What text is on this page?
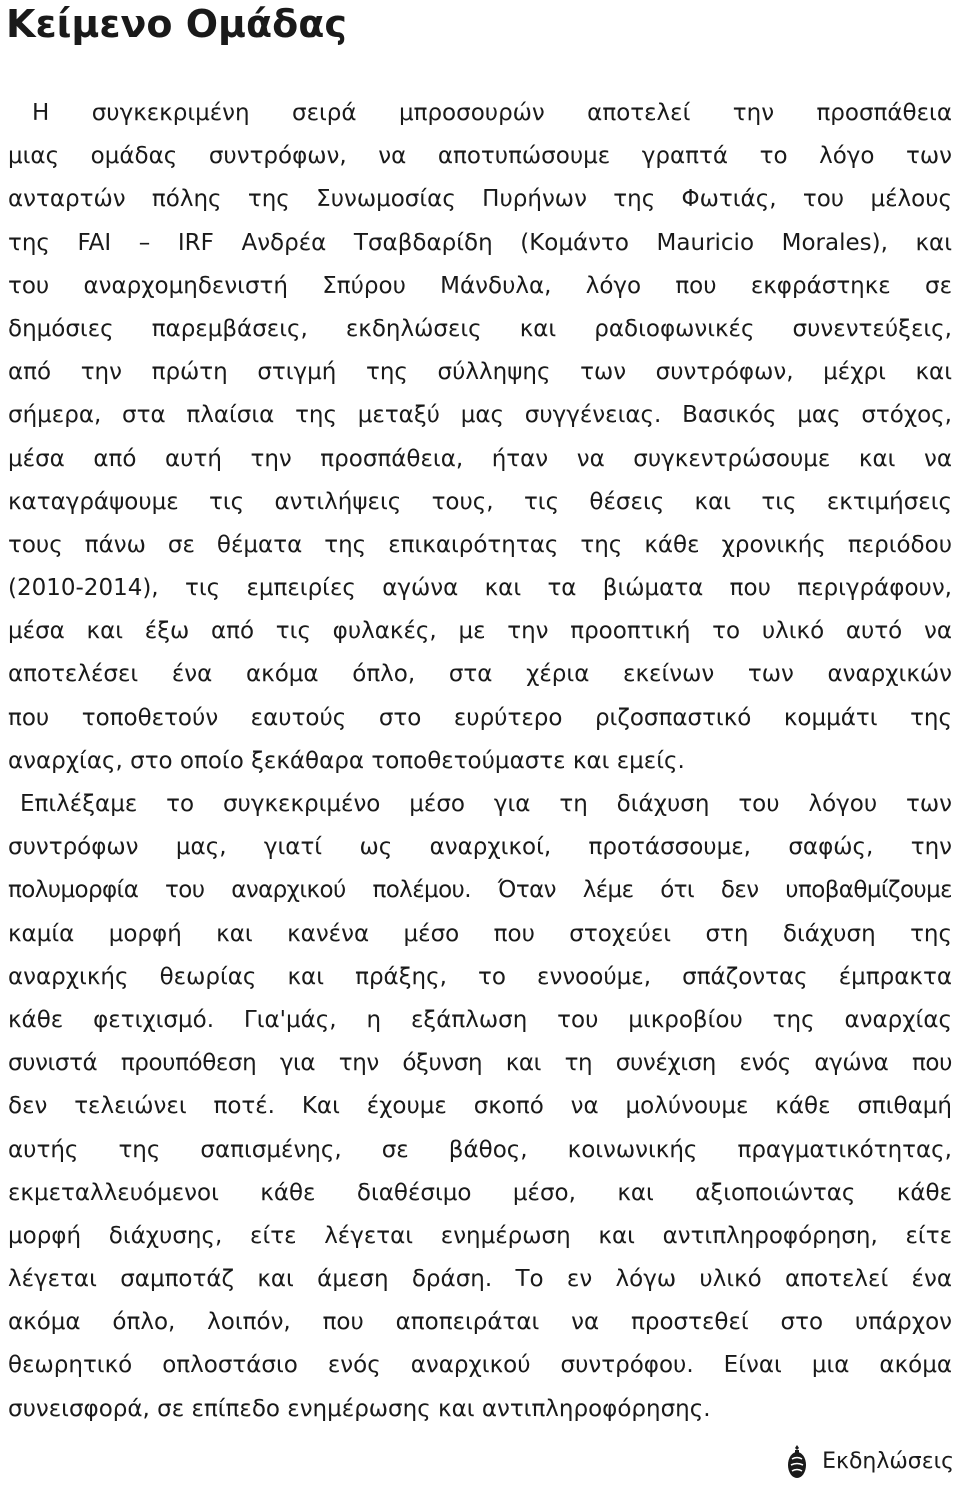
Κείμενο Ομάδας
Η συγκεκριμένη σειρά μπροσουρών αποτελεί την προσπάθεια
μιας ομάδας συντρόφων, να αποτυπώσουμε γραπτά το λόγο των
ανταρτών πόλης της Συνωμοσίας Πυρήνων της Φωτιάς, του μέλους
της FAI – IRF Ανδρέα Τσαβδαρίδη (Κομάντο Mauricio Morales), και
του αναρχομηδενιστή Σπύρου Μάνδυλα, λόγο που εκφράστηκε σε
δημόσιες παρεμβάσεις, εκδηλώσεις και ραδιοφωνικές συνεντεύξεις,
από την πρώτη στιγμή της σύλληψης των συντρόφων, μέχρι και
σήμερα, στα πλαίσια της μεταξύ μας συγγένειας. Βασικός μας στόχος,
μέσα από αυτή την προσπάθεια, ήταν να συγκεντρώσουμε και να
καταγράψουμε τις αντιλήψεις τους, τις θέσεις και τις εκτιμήσεις
τους πάνω σε θέματα της επικαιρότητας της κάθε χρονικής περιόδου
(2010-2014), τις εμπειρίες αγώνα και τα βιώματα που περιγράφουν,
μέσα και έξω από τις φυλακές, με την προοπτική το υλικό αυτό να
αποτελέσει ένα ακόμα όπλο, στα χέρια εκείνων των αναρχικών
που τοποθετούν εαυτούς στο ευρύτερο ριζοσπαστικό κομμάτι της
αναρχίας, στο οποίο ξεκάθαρα τοποθετούμαστε και εμείς.
Επιλέξαμε το συγκεκριμένο μέσο για τη διάχυση του λόγου των
συντρόφων μας, γιατί ως αναρχικοί, προτάσσουμε, σαφώς, την
πολυμορφία του αναρχικού πολέμου. Όταν λέμε ότι δεν υποβαθμίζουμε
καμία μορφή και κανένα μέσο που στοχεύει στη διάχυση της
αναρχικής θεωρίας και πράξης, το εννοούμε, σπάζοντας έμπρακτα
κάθε φετιχισμό. Για'μάς, η εξάπλωση του μικροβίου της αναρχίας
συνιστά προυπόθεση για την όξυνση και τη συνέχιση ενός αγώνα που
δεν τελειώνει ποτέ. Και έχουμε σκοπό να μολύνουμε κάθε σπιθαμή
αυτής της σαπισμένης, σε βάθος, κοινωνικής πραγματικότητας,
εκμεταλλευόμενοι κάθε διαθέσιμο μέσο, και αξιοποιώντας κάθε
μορφή διάχυσης, είτε λέγεται ενημέρωση και αντιπληροφόρηση, είτε
λέγεται σαμποτάζ και άμεση δράση. Το εν λόγω υλικό αποτελεί ένα
ακόμα όπλο, λοιπόν, που αποπειράται να προστεθεί στο υπάρχον
θεωρητικό οπλοστάσιο ενός αναρχικού συντρόφου. Είναι μια ακόμα
συνεισφορά, σε επίπεδο ενημέρωσης και αντιπληροφόρησης.
Εκδηλώσεις
